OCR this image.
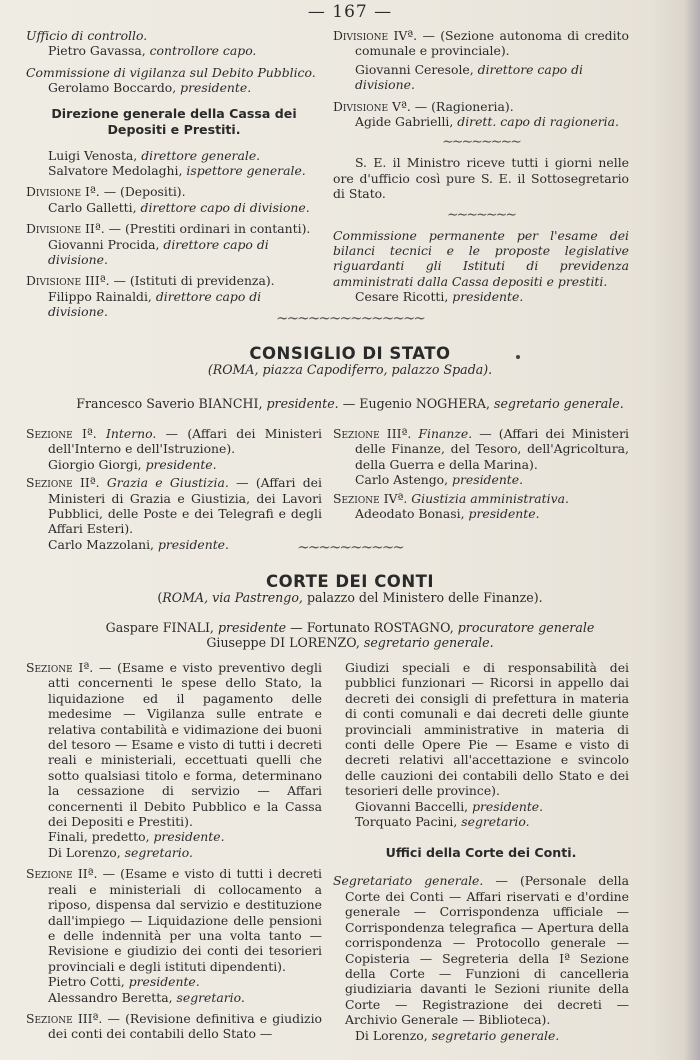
— 167 —
Ufficio di controllo.
Pietro Gavassa, controllore capo.
Commissione di vigilanza sul Debito Pubblico.
Gerolamo Boccardo, presidente.
Direzione generale della Cassa dei Depositi e Prestiti.
Luigi Venosta, direttore generale.
Salvatore Medolaghi, ispettore generale.
Divisione Iª. — (Depositi).
Carlo Galletti, direttore capo di divisione.
Divisione IIª. — (Prestiti ordinari in contanti).
Giovanni Procida, direttore capo di divisione.
Divisione IIIª. — (Istituti di previdenza).
Filippo Rainaldi, direttore capo di divisione.
Divisione IVª. — (Sezione autonoma di credito comunale e provinciale).
Giovanni Ceresole, direttore capo di divisione.
Divisione Vª. — (Ragioneria).
Agide Gabrielli, dirett. capo di ragioneria.
∼∼∼∼∼∼∼∼
S. E. il Ministro riceve tutti i giorni nelle ore d'ufficio così pure S. E. il Sottosegretario di Stato.
∼∼∼∼∼∼∼
Commissione permanente per l'esame dei bilanci tecnici e le proposte legislative riguardanti gli Istituti di previdenza amministrati dalla Cassa depositi e prestiti.
Cesare Ricotti, presidente.
∼∼∼∼∼∼∼∼∼∼∼∼∼∼
CONSIGLIO DI STATO
(ROMA, piazza Capodiferro, palazzo Spada).
Francesco Saverio BIANCHI, presidente. — Eugenio NOGHERA, segretario generale.
Sezione Iª. Interno. — (Affari dei Ministeri dell'Interno e dell'Istruzione).
Giorgio Giorgi, presidente.
Sezione IIª. Grazia e Giustizia. — (Affari dei Ministeri di Grazia e Giustizia, dei Lavori Pubblici, delle Poste e dei Telegrafi e degli Affari Esteri).
Carlo Mazzolani, presidente.
Sezione IIIª. Finanze. — (Affari dei Ministeri delle Finanze, del Tesoro, dell'Agricoltura, della Guerra e della Marina).
Carlo Astengo, presidente.
Sezione IVª. Giustizia amministrativa.
Adeodato Bonasi, presidente.
∼∼∼∼∼∼∼∼∼∼
CORTE DEI CONTI
(ROMA, via Pastrengo, palazzo del Ministero delle Finanze).
Gaspare FINALI, presidente — Fortunato ROSTAGNO, procuratore generale
Giuseppe DI LORENZO, segretario generale.
Sezione Iª. — (Esame e visto preventivo degli atti concernenti le spese dello Stato, la liquidazione ed il pagamento delle medesime — Vigilanza sulle entrate e relativa contabilità e vidimazione dei buoni del tesoro — Esame e visto di tutti i decreti reali e ministeriali, eccettuati quelli che sotto qualsiasi titolo e forma, determinano la cessazione di servizio — Affari concernenti il Debito Pubblico e la Cassa dei Depositi e Prestiti).
Finali, predetto, presidente.
Di Lorenzo, segretario.
Sezione IIª. — (Esame e visto di tutti i decreti reali e ministeriali di collocamento a riposo, dispensa dal servizio e destituzione dall'impiego — Liquidazione delle pensioni e delle indennità per una volta tanto — Revisione e giudizio dei conti dei tesorieri provinciali e degli istituti dipendenti).
Pietro Cotti, presidente.
Alessandro Beretta, segretario.
Sezione IIIª. — (Revisione definitiva e giudizio dei conti dei contabili dello Stato —
Giudizi speciali e di responsabilità dei pubblici funzionari — Ricorsi in appello dai decreti dei consigli di prefettura in materia di conti comunali e dai decreti delle giunte provinciali amministrative in materia di conti delle Opere Pie — Esame e visto di decreti relativi all'accettazione e svincolo delle cauzioni dei contabili dello Stato e dei tesorieri delle province).
Giovanni Baccelli, presidente.
Torquato Pacini, segretario.
Uffici della Corte dei Conti.
Segretariato generale. — (Personale della Corte dei Conti — Affari riservati e d'ordine generale — Corrispondenza ufficiale — Corrispondenza telegrafica — Apertura della corrispondenza — Protocollo generale — Copisteria — Segreteria della Iª Sezione della Corte — Funzioni di cancelleria giudiziaria davanti le Sezioni riunite della Corte — Registrazione dei decreti — Archivio Generale — Biblioteca).
Di Lorenzo, segretario generale.
